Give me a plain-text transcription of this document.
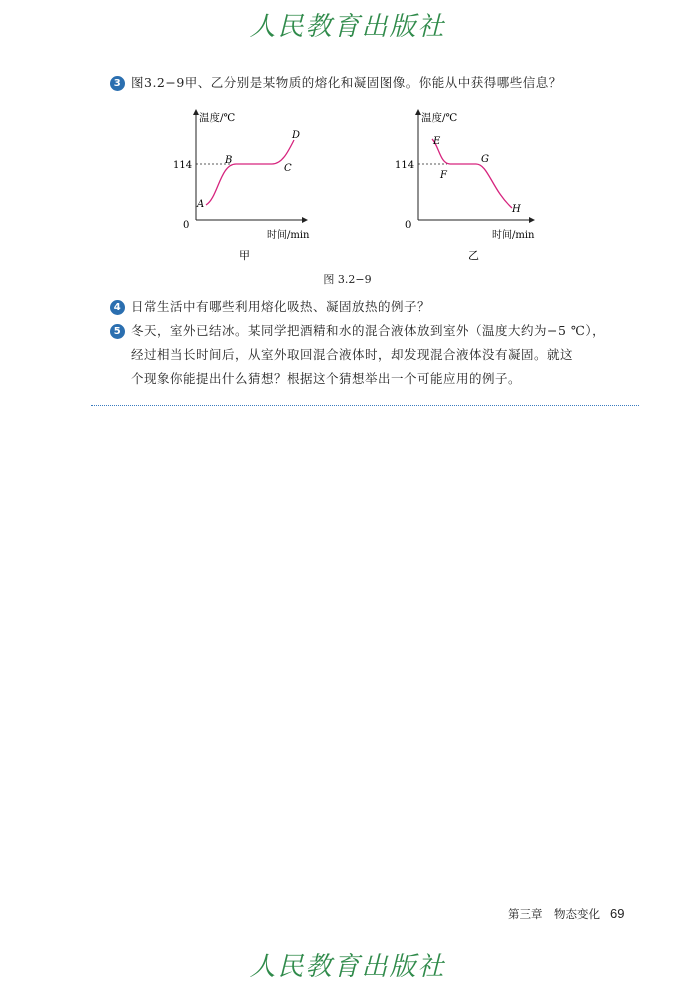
人民教育出版社
3 图3.2−9甲、乙分别是某物质的熔化和凝固图像。你能从中获得哪些信息？
温度/℃
时间/min
114
0
A
B
C
D
甲
温度/℃
时间/min
114
0
E
F
G
H
乙
图 3.2−9
4 日常生活中有哪些利用熔化吸热、凝固放热的例子？
5 冬天，室外已结冰。某同学把酒精和水的混合液体放到室外（温度大约为−5 ℃），
经过相当长时间后，从室外取回混合液体时，却发现混合液体没有凝固。就这
个现象你能提出什么猜想？根据这个猜想举出一个可能应用的例子。
第三章　物态变化 69
人民教育出版社
